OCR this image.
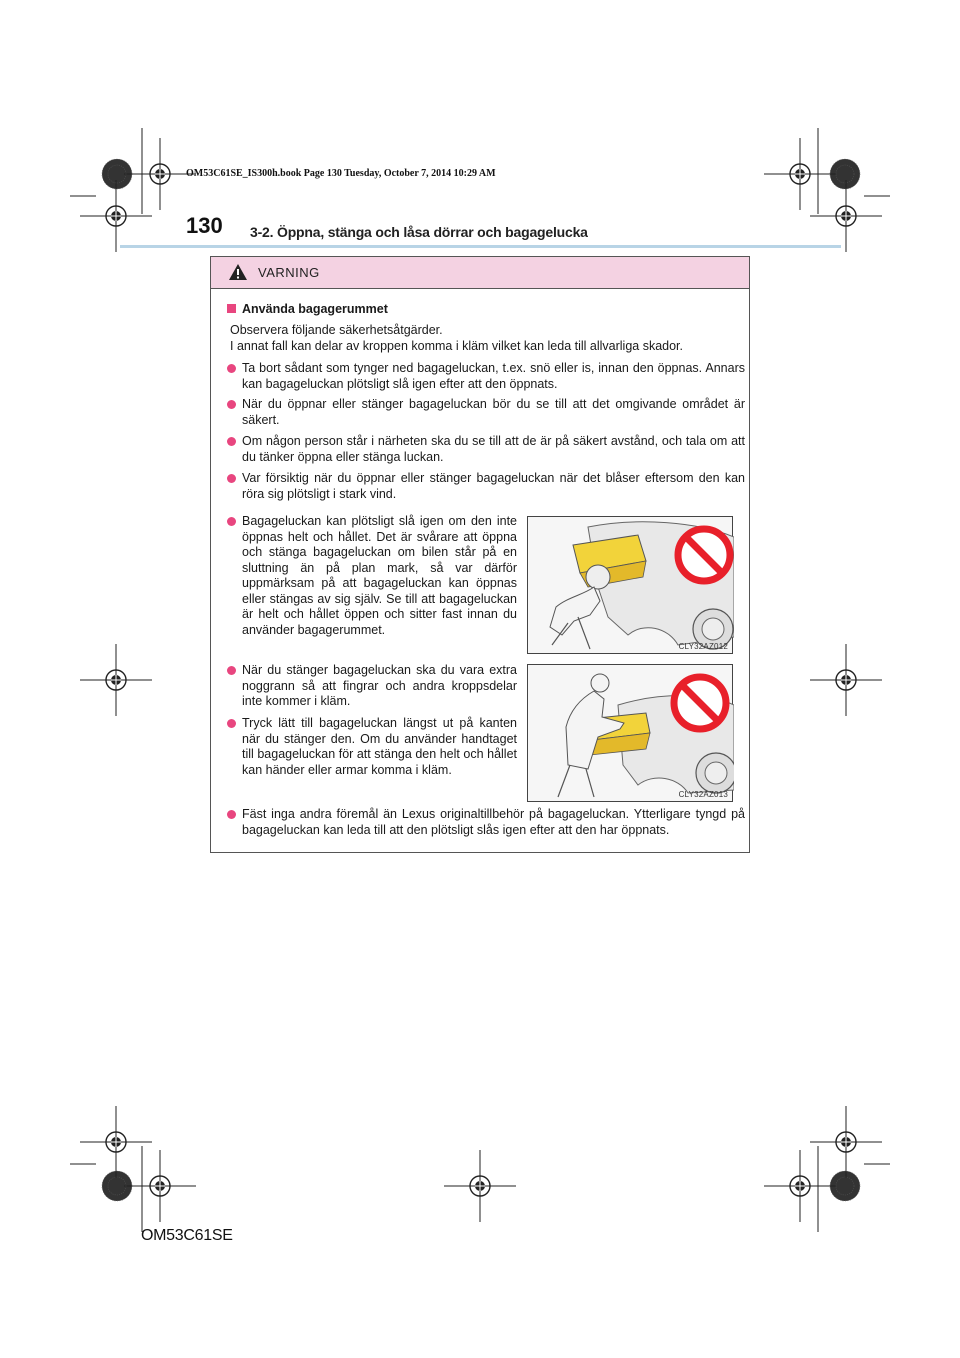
OM53C61SE_IS300h.book Page 130 Tuesday, October 7, 2014 10:29 AM
130 3-2. Öppna, stänga och låsa dörrar och bagagelucka
VARNING
Använda bagagerummet
Observera följande säkerhetsåtgärder.
I annat fall kan delar av kroppen komma i kläm vilket kan leda till allvarliga skador.
Ta bort sådant som tynger ned bagageluckan, t.ex. snö eller is, innan den öppnas. Annars kan bagageluckan plötsligt slå igen efter att den öppnats.
När du öppnar eller stänger bagageluckan bör du se till att det omgivande området är säkert.
Om någon person står i närheten ska du se till att de är på säkert avstånd, och tala om att du tänker öppna eller stänga luckan.
Var försiktig när du öppnar eller stänger bagageluckan när det blåser eftersom den kan röra sig plötsligt i stark vind.
Bagageluckan kan plötsligt slå igen om den inte öppnas helt och hållet. Det är svårare att öppna och stänga bagageluckan om bilen står på en sluttning än på plan mark, så var därför uppmärksam på att bagageluckan kan öppnas eller stängas av sig själv. Se till att bagageluckan är helt och hållet öppen och sitter fast innan du använder bagagerummet.
När du stänger bagageluckan ska du vara extra noggrann så att fingrar och andra kroppsdelar inte kommer i kläm.
Tryck lätt till bagageluckan längst ut på kanten när du stänger den. Om du använder handtaget till bagageluckan för att stänga den helt och hållet kan händer eller armar komma i kläm.
Fäst inga andra föremål än Lexus originaltillbehör på bagageluckan. Ytterligare tyngd på bagageluckan kan leda till att den plötsligt slås igen efter att den har öppnats.
CLY32AZ012
CLY32AZ013
OM53C61SE
